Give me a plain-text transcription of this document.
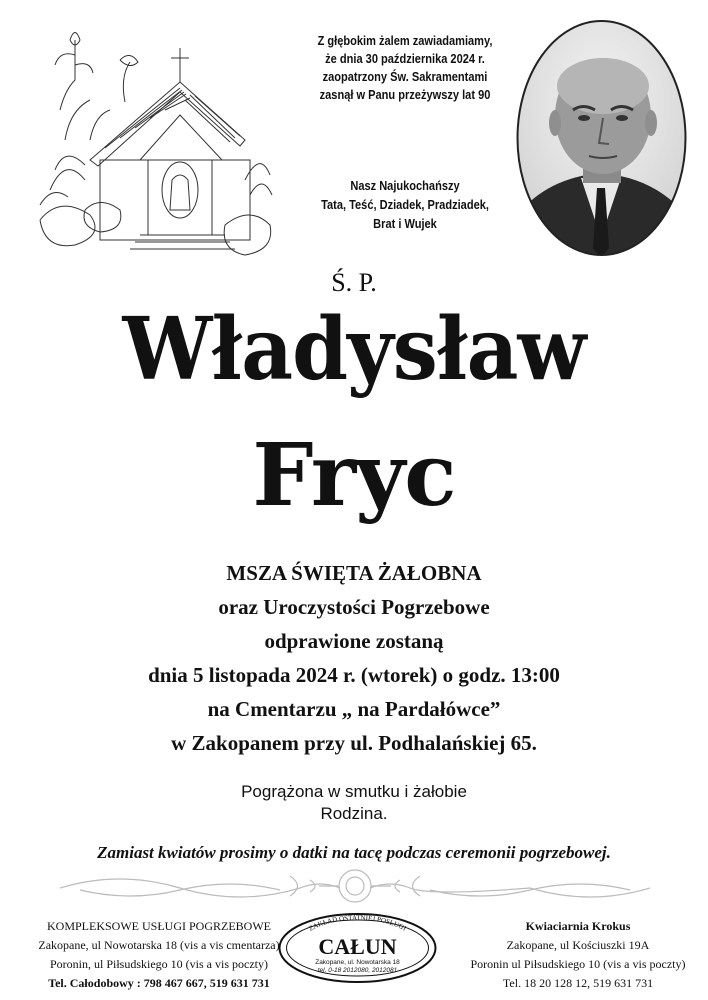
Z głębokim żalem zawiadamiamy,
że dnia 30 października 2024 r.
zaopatrzony Św. Sakramentami
zasnął w Panu przeżywszy lat 90
Nasz Najukochańszy
Tata, Teść, Dziadek, Pradziadek,
Brat i Wujek
Ś. P.
Władysław
Fryc
MSZA ŚWIĘTA ŻAŁOBNA
oraz Uroczystości Pogrzebowe
odprawione zostaną
dnia 5 listopada 2024 r. (wtorek) o godz. 13:00
na Cmentarzu „ na Pardałówce”
w Zakopanem przy ul. Podhalańskiej 65.
Pogrążona w smutku i żałobie
Rodzina.
Zamiast kwiatów prosimy o datki na tacę podczas ceremonii pogrzebowej.
KOMPLEKSOWE USŁUGI POGRZEBOWE
Zakopane, ul Nowotarska 18 (vis a vis cmentarza)
Poronin, ul Piłsudskiego 10 (vis a vis poczty)
Tel. Całodobowy : 798 467 667, 519 631 731
ZAKŁAD OSTATNIEJ POSŁUGI
CAŁUN
Zakopane, ul. Nowotarska 18
tel. 0-18 2012080, 2012081
Kwiaciarnia Krokus
Zakopane, ul Kościuszki 19A
Poronin ul Piłsudskiego 10 (vis a vis poczty)
Tel. 18 20 128 12, 519 631 731
